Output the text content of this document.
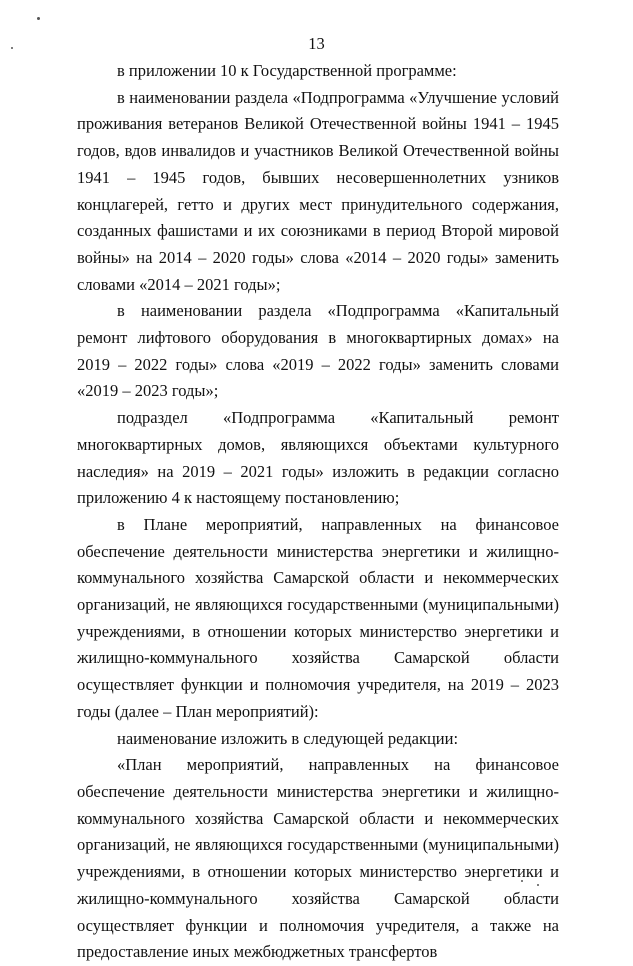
13

в приложении 10 к Государственной программе:

в наименовании раздела «Подпрограмма «Улучшение условий проживания ветеранов Великой Отечественной войны 1941 – 1945 годов, вдов инвалидов и участников Великой Отечественной войны 1941 – 1945 годов, бывших несовершеннолетних узников концлагерей, гетто и других мест принудительного содержания, созданных фашистами и их союзниками в период Второй мировой войны» на 2014 – 2020 годы» слова «2014 – 2020 годы» заменить словами «2014 – 2021 годы»;

в наименовании раздела «Подпрограмма «Капитальный ремонт лифтового оборудования в многоквартирных домах» на 2019 – 2022 годы» слова «2019 – 2022 годы» заменить словами «2019 – 2023 годы»;

подраздел «Подпрограмма «Капитальный ремонт многоквартирных домов, являющихся объектами культурного наследия» на 2019 – 2021 годы» изложить в редакции согласно приложению 4 к настоящему постановлению;

в Плане мероприятий, направленных на финансовое обеспечение деятельности министерства энергетики и жилищно-коммунального хозяйства Самарской области и некоммерческих организаций, не являющихся государственными (муниципальными) учреждениями, в отношении которых министерство энергетики и жилищно-коммунального хозяйства Самарской области осуществляет функции и полномочия учредителя, на 2019 – 2023 годы (далее – План мероприятий):

наименование изложить в следующей редакции:

«План мероприятий, направленных на финансовое обеспечение деятельности министерства энергетики и жилищно-коммунального хозяйства Самарской области и некоммерческих организаций, не являющихся государственными (муниципальными) учреждениями, в отношении которых министерство энергетики и жилищно-коммунального хозяйства Самарской области осуществляет функции и полномочия учредителя, а также на предоставление иных межбюджетных трансфертов
